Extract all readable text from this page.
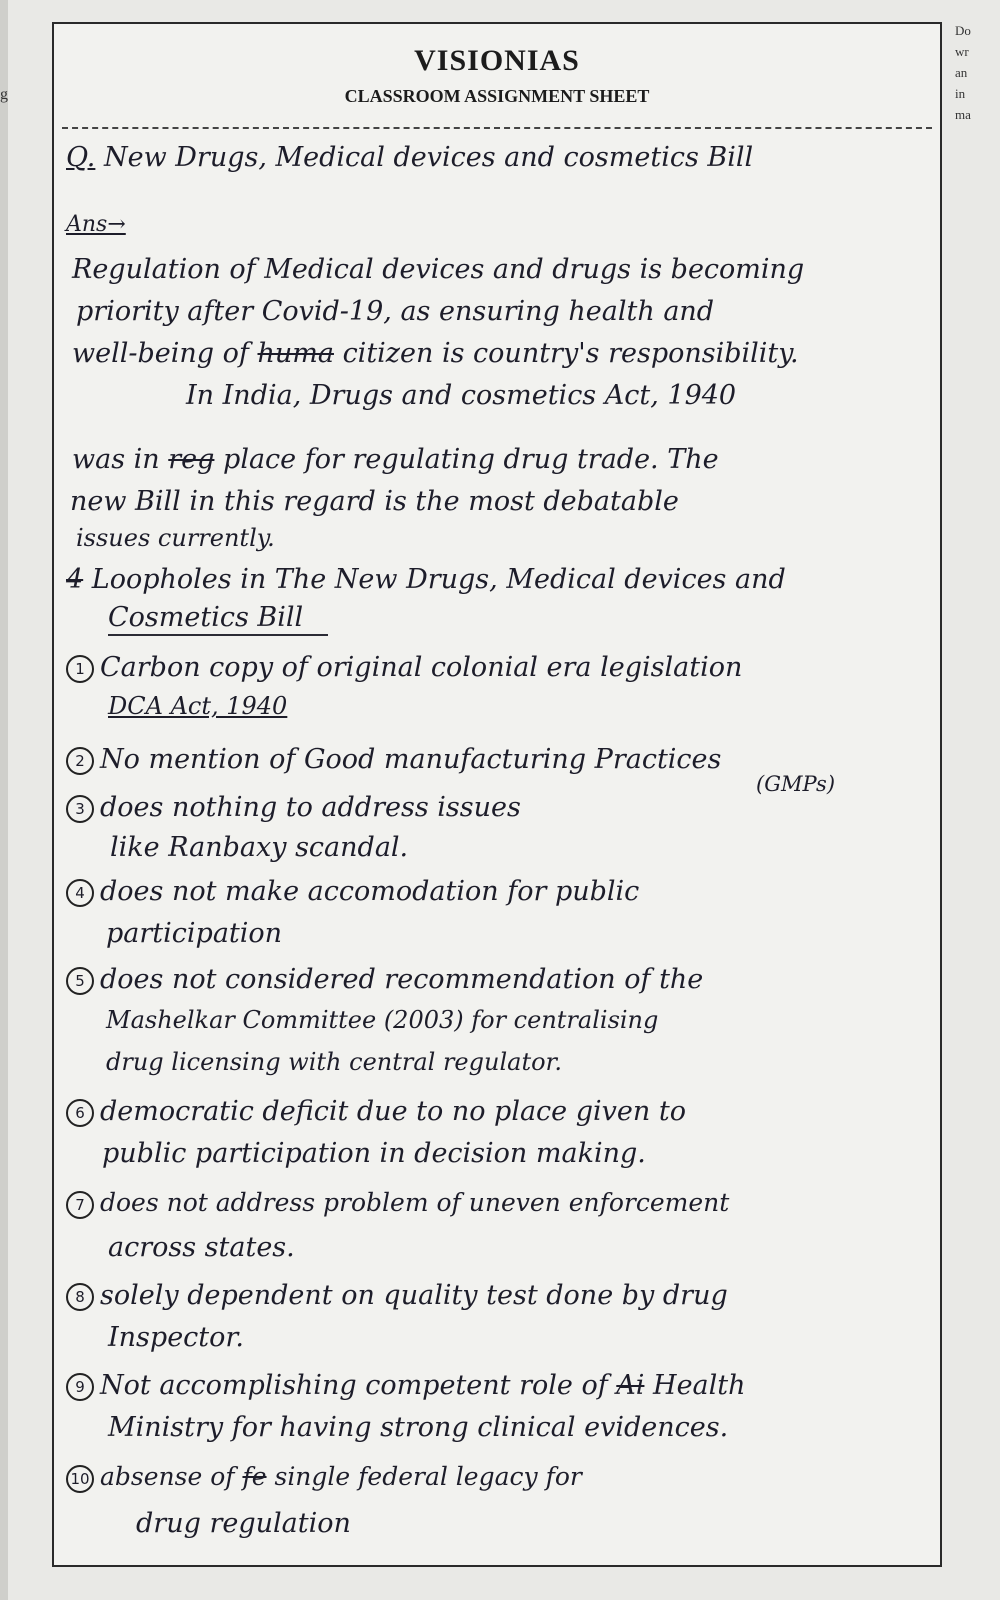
g
Do
wr
an
in
ma
VISIONIAS
CLASSROOM ASSIGNMENT SHEET
Q. New Drugs, Medical devices and cosmetics Bill
Ans→
Regulation of Medical devices and drugs is becoming
priority after Covid-19, as ensuring health and
well-being of huma citizen is country's responsibility.
In India, Drugs and cosmetics Act, 1940
was in reg place for regulating drug trade. The
new Bill in this regard is the most debatable
issues currently.
4 Loopholes in The New Drugs, Medical devices and
Cosmetics Bill
1 Carbon copy of original colonial era legislation
DCA Act, 1940
2 No mention of Good manufacturing Practices
(GMPs)
3 does nothing to address issues
like Ranbaxy scandal.
4 does not make accomodation for public
participation
5 does not considered recommendation of the
Mashelkar Committee (2003) for centralising
drug licensing with central regulator.
6 democratic deficit due to no place given to
public participation in decision making.
7 does not address problem of uneven enforcement
across states.
8 solely dependent on quality test done by drug
Inspector.
9 Not accomplishing competent role of Ai Health
Ministry for having strong clinical evidences.
10 absense of fe single federal legacy for
drug regulation
